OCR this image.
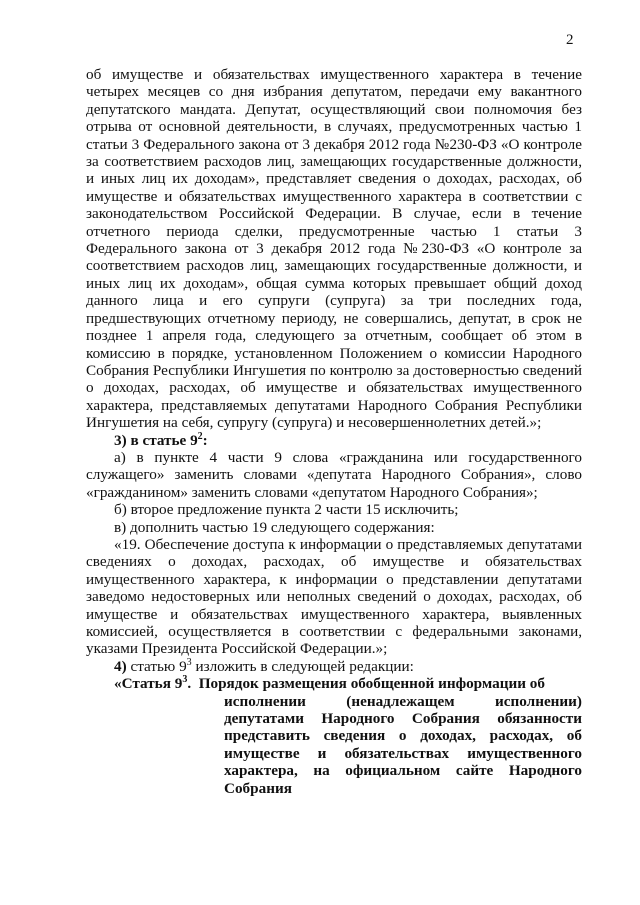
2

об имуществе и обязательствах имущественного характера в течение четырех месяцев со дня избрания депутатом, передачи ему вакантного депутатского мандата. Депутат, осуществляющий свои полномочия без отрыва от основной деятельности, в случаях, предусмотренных частью 1 статьи 3 Федерального закона от 3 декабря 2012 года №230-ФЗ «О контроле за соответствием расходов лиц, замещающих государственные должности, и иных лиц их доходам», представляет сведения о доходах, расходах, об имуществе и обязательствах имущественного характера в соответствии с законодательством Российской Федерации. В случае, если в течение отчетного периода сделки, предусмотренные частью 1 статьи 3 Федерального закона от 3 декабря 2012 года №230-ФЗ «О контроле за соответствием расходов лиц, замещающих государственные должности, и иных лиц их доходам», общая сумма которых превышает общий доход данного лица и его супруги (супруга) за три последних года, предшествующих отчетному периоду, не совершались, депутат, в срок не позднее 1 апреля года, следующего за отчетным, сообщает об этом в комиссию в порядке, установленном Положением о комиссии Народного Собрания Республики Ингушетия по контролю за достоверностью сведений о доходах, расходах, об имуществе и обязательствах имущественного характера, представляемых депутатами Народного Собрания Республики Ингушетия на себя, супругу (супруга) и несовершеннолетних детей.»;

3) в статье $9^2$:

а) в пункте 4 части 9 слова «гражданина или государственного служащего» заменить словами «депутата Народного Собрания», слово «гражданином» заменить словами «депутатом Народного Собрания»;

б) второе предложение пункта 2 части 15 исключить;

в) дополнить частью 19 следующего содержания:

«19. Обеспечение доступа к информации о представляемых депутатами сведениях о доходах, расходах, об имуществе и обязательствах имущественного характера, к информации о представлении депутатами заведомо недостоверных или неполных сведений о доходах, расходах, об имуществе и обязательствах имущественного характера, выявленных комиссией, осуществляется в соответствии с федеральными законами, указами Президента Российской Федерации.»;

4) статью $9^3$ изложить в следующей редакции:

«Статья $9^3$. Порядок размещения обобщенной информации об
исполнении (ненадлежащем исполнении) депутатами Народного Собрания обязанности представить сведения о доходах, расходах, об имуществе и обязательствах имущественного характера, на официальном сайте Народного Собрания
